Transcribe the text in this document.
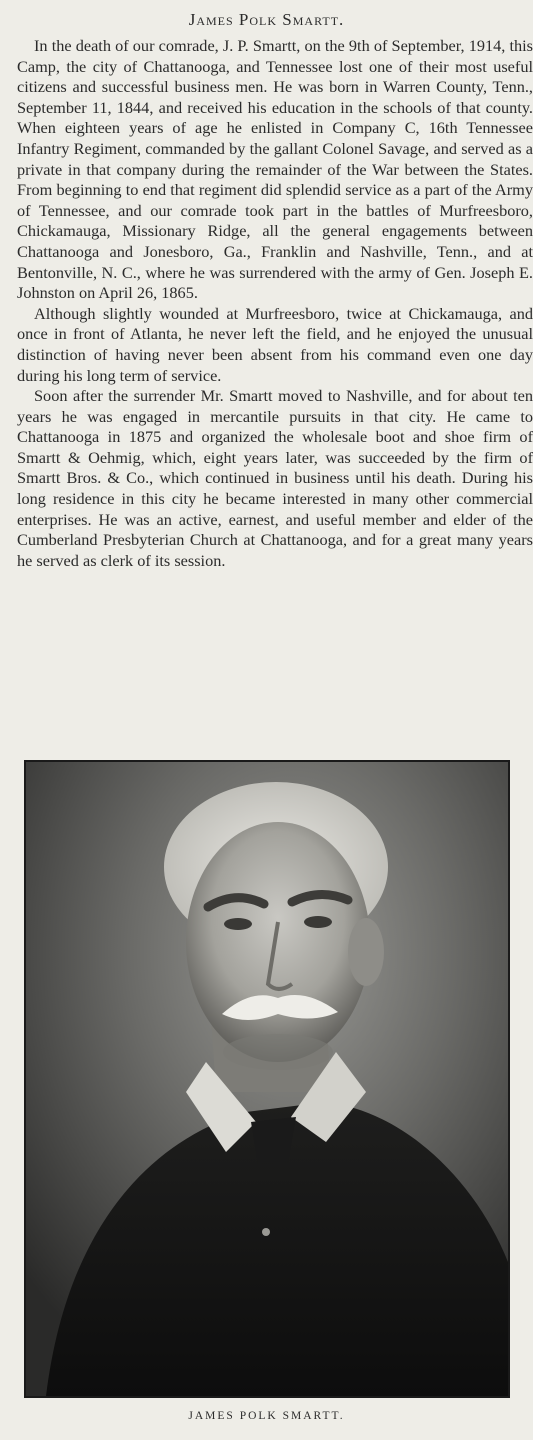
James Polk Smartt.

In the death of our comrade, J. P. Smartt, on the 9th of September, 1914, this Camp, the city of Chattanooga, and Tennessee lost one of their most useful citizens and successful business men. He was born in Warren County, Tenn., September 11, 1844, and received his education in the schools of that county. When eighteen years of age he enlisted in Company C, 16th Tennessee Infantry Regiment, commanded by the gallant Colonel Savage, and served as a private in that company during the remainder of the War between the States. From beginning to end that regiment did splendid service as a part of the Army of Tennessee, and our comrade took part in the battles of Murfreesboro, Chickamauga, Missionary Ridge, all the general engagements between Chattanooga and Jonesboro, Ga., Franklin and Nashville, Tenn., and at Bentonville, N. C., where he was surrendered with the army of Gen. Joseph E. Johnston on April 26, 1865.

Although slightly wounded at Murfreesboro, twice at Chickamauga, and once in front of Atlanta, he never left the field, and he enjoyed the unusual distinction of having never been absent from his command even one day during his long term of service.

Soon after the surrender Mr. Smartt moved to Nashville, and for about ten years he was engaged in mercantile pursuits in that city. He came to Chattanooga in 1875 and organized the wholesale boot and shoe firm of Smartt & Oehmig, which, eight years later, was succeeded by the firm of Smartt Bros. & Co., which continued in business until his death. During his long residence in this city he became interested in many other commercial enterprises. He was an active, earnest, and useful member and elder of the Cumberland Presbyterian Church at Chattanooga, and for a great many years he served as clerk of its session.

JAMES POLK SMARTT.
